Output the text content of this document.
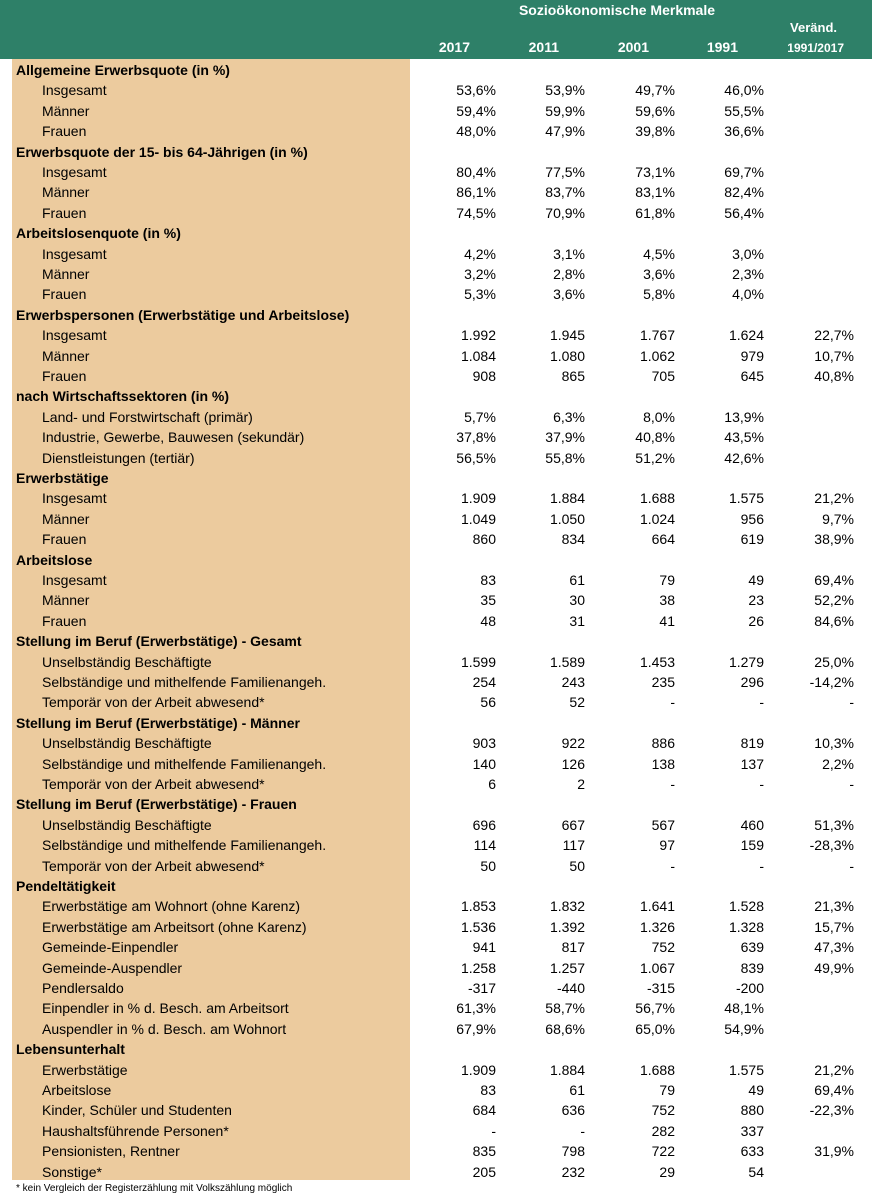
Sozioökonomische Merkmale
2017	2011	2001	1991
Veränd.
1991/2017
Allgemeine Erwerbsquote (in %)
Insgesamt	53,6%	53,9%	49,7%	46,0%
Männer	59,4%	59,9%	59,6%	55,5%
Frauen	48,0%	47,9%	39,8%	36,6%
Erwerbsquote der 15- bis 64-Jährigen (in %)
Insgesamt	80,4%	77,5%	73,1%	69,7%
Männer	86,1%	83,7%	83,1%	82,4%
Frauen	74,5%	70,9%	61,8%	56,4%
Arbeitslosenquote (in %)
Insgesamt	4,2%	3,1%	4,5%	3,0%
Männer	3,2%	2,8%	3,6%	2,3%
Frauen	5,3%	3,6%	5,8%	4,0%
Erwerbspersonen (Erwerbstätige und Arbeitslose)
Insgesamt	1.992	1.945	1.767	1.624	22,7%
Männer	1.084	1.080	1.062	979	10,7%
Frauen	908	865	705	645	40,8%
nach Wirtschaftssektoren (in %)
Land- und Forstwirtschaft (primär)	5,7%	6,3%	8,0%	13,9%
Industrie, Gewerbe, Bauwesen (sekundär)	37,8%	37,9%	40,8%	43,5%
Dienstleistungen (tertiär)	56,5%	55,8%	51,2%	42,6%
Erwerbstätige
Insgesamt	1.909	1.884	1.688	1.575	21,2%
Männer	1.049	1.050	1.024	956	9,7%
Frauen	860	834	664	619	38,9%
Arbeitslose
Insgesamt	83	61	79	49	69,4%
Männer	35	30	38	23	52,2%
Frauen	48	31	41	26	84,6%
Stellung im Beruf (Erwerbstätige) - Gesamt
Unselbständig Beschäftigte	1.599	1.589	1.453	1.279	25,0%
Selbständige und mithelfende Familienangeh.	254	243	235	296	-14,2%
Temporär von der Arbeit abwesend*	56	52	-	-	-
Stellung im Beruf (Erwerbstätige) - Männer
Unselbständig Beschäftigte	903	922	886	819	10,3%
Selbständige und mithelfende Familienangeh.	140	126	138	137	2,2%
Temporär von der Arbeit abwesend*	6	2	-	-	-
Stellung im Beruf (Erwerbstätige) - Frauen
Unselbständig Beschäftigte	696	667	567	460	51,3%
Selbständige und mithelfende Familienangeh.	114	117	97	159	-28,3%
Temporär von der Arbeit abwesend*	50	50	-	-	-
Pendeltätigkeit
Erwerbstätige am Wohnort (ohne Karenz)	1.853	1.832	1.641	1.528	21,3%
Erwerbstätige am Arbeitsort (ohne Karenz)	1.536	1.392	1.326	1.328	15,7%
Gemeinde-Einpendler	941	817	752	639	47,3%
Gemeinde-Auspendler	1.258	1.257	1.067	839	49,9%
Pendlersaldo	-317	-440	-315	-200
Einpendler in % d. Besch. am Arbeitsort	61,3%	58,7%	56,7%	48,1%
Auspendler in % d. Besch. am Wohnort	67,9%	68,6%	65,0%	54,9%
Lebensunterhalt
Erwerbstätige	1.909	1.884	1.688	1.575	21,2%
Arbeitslose	83	61	79	49	69,4%
Kinder, Schüler und Studenten	684	636	752	880	-22,3%
Haushaltsführende Personen*	-	-	282	337
Pensionisten, Rentner	835	798	722	633	31,9%
Sonstige*	205	232	29	54
* kein Vergleich der Registerzählung mit Volkszählung möglich
